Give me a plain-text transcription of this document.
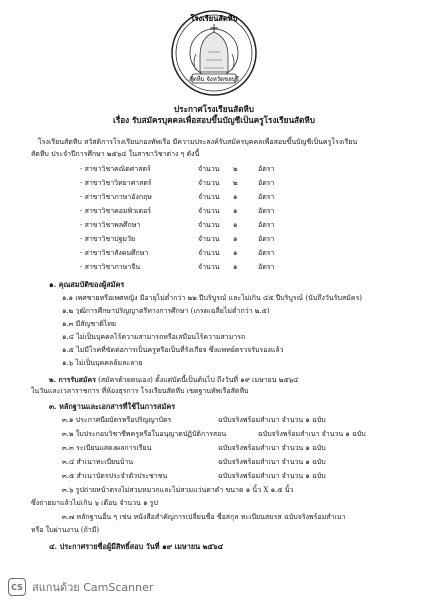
โรงเรียนสัตหีบ
สัตหีบ จังหวัดชลบุรี
ประกาศโรงเรียนสัตหีบ
เรื่อง รับสมัครบุคคลเพื่อสอบขึ้นบัญชีเป็นครูโรงเรียนสัตหีบ
โรงเรียนสัตหีบ สวัสดิการโรงเรียนกองทัพเรือ มีความประสงค์รับสมัครบุคคลเพื่อสอบขึ้นบัญชีเป็นครูโรงเรียน
สัตหีบ ประจำปีการศึกษา ๒๕๖๔ ในสาขาวิชาต่าง ๆ ดังนี้
- สาขาวิชาคณิตศาสตร์	จำนวน ๒	อัตรา
- สาขาวิชาวิทยาศาสตร์	จำนวน ๒	อัตรา
- สาขาวิชาภาษาอังกฤษ	จำนวน ๑	อัตรา
- สาขาวิชาคอมพิวเตอร์	จำนวน ๑	อัตรา
- สาขาวิชาพลศึกษา	จำนวน ๑	อัตรา
- สาขาวิชาปฐมวัย	จำนวน ๑	อัตรา
- สาขาวิชาสังคมศึกษา	จำนวน ๑	อัตรา
- สาขาวิชาภาษาจีน	จำนวน ๑	อัตรา
๑. คุณสมบัติของผู้สมัคร
๑.๑ เพศชายหรือเพศหญิง มีอายุไม่ต่ำกว่า ๒๒ ปีบริบูรณ์ และไม่เกิน ๔๕ ปีบริบูรณ์ (นับถึงวันรับสมัคร)
๑.๒ วุฒิการศึกษาปริญญาตรีทางการศึกษา (เกรดเฉลี่ยไม่ต่ำกว่า ๒.๕)
๑.๓ มีสัญชาติไทย
๑.๔ ไม่เป็นบุคคลไร้ความสามารถหรือเสมือนไร้ความสามารถ
๑.๕ ไม่มีโรคที่ขัดต่อการเป็นครูหรือเป็นที่รังเกียจ ซึ่งแพทย์ตรวจรับรองแล้ว
๑.๖ ไม่เป็นบุคคลล้มละลาย
๒. การรับสมัคร (สมัครด้วยตนเอง) ตั้งแต่บัดนี้เป็นต้นไป ถึงวันที่ ๑๙ เมษายน ๒๕๖๔
ในวันและเวลาราชการ ที่ห้องธุรการ โรงเรียนสัตหีบ เขตฐานทัพเรือสัตหีบ
๓. หลักฐานและเอกสารที่ใช้ในการสมัคร
๓.๑ ประกาศนียบัตรหรือปริญญาบัตร	ฉบับจริงพร้อมสำเนา จำนวน ๑ ฉบับ
๓.๒ ใบประกอบวิชาชีพครูหรือใบอนุญาตปฏิบัติการสอน	ฉบับจริงพร้อมสำเนา จำนวน ๑ ฉบับ
๓.๓ ระเบียนแสดงผลการเรียน	ฉบับจริงพร้อมสำเนา จำนวน ๑ ฉบับ
๓.๔ สำเนาทะเบียนบ้าน	ฉบับจริงพร้อมสำเนา จำนวน ๑ ฉบับ
๓.๕ สำเนาบัตรประจำตัวประชาชน	ฉบับจริงพร้อมสำเนา จำนวน ๑ ฉบับ
๓.๖ รูปถ่ายหน้าตรงไม่สวมหมวกและไม่สวมแว่นตาดำ ขนาด ๑ นิ้ว X ๑.๕ นิ้ว
ซึ่งถ่ายมาแล้วไม่เกิน ๖ เดือน จำนวน ๑ รูป
๓.๗ หลักฐานอื่น ๆ เช่น หนังสือสำคัญการเปลี่ยนชื่อ ชื่อสกุล ทะเบียนสมรส ฉบับจริงพร้อมสำเนา
หรือ ใบผ่านงาน (ถ้ามี)
๔. ประกาศรายชื่อผู้มีสิทธิ์สอบ วันที่ ๑๙ เมษายน ๒๕๖๔
CS สแกนด้วย CamScanner
